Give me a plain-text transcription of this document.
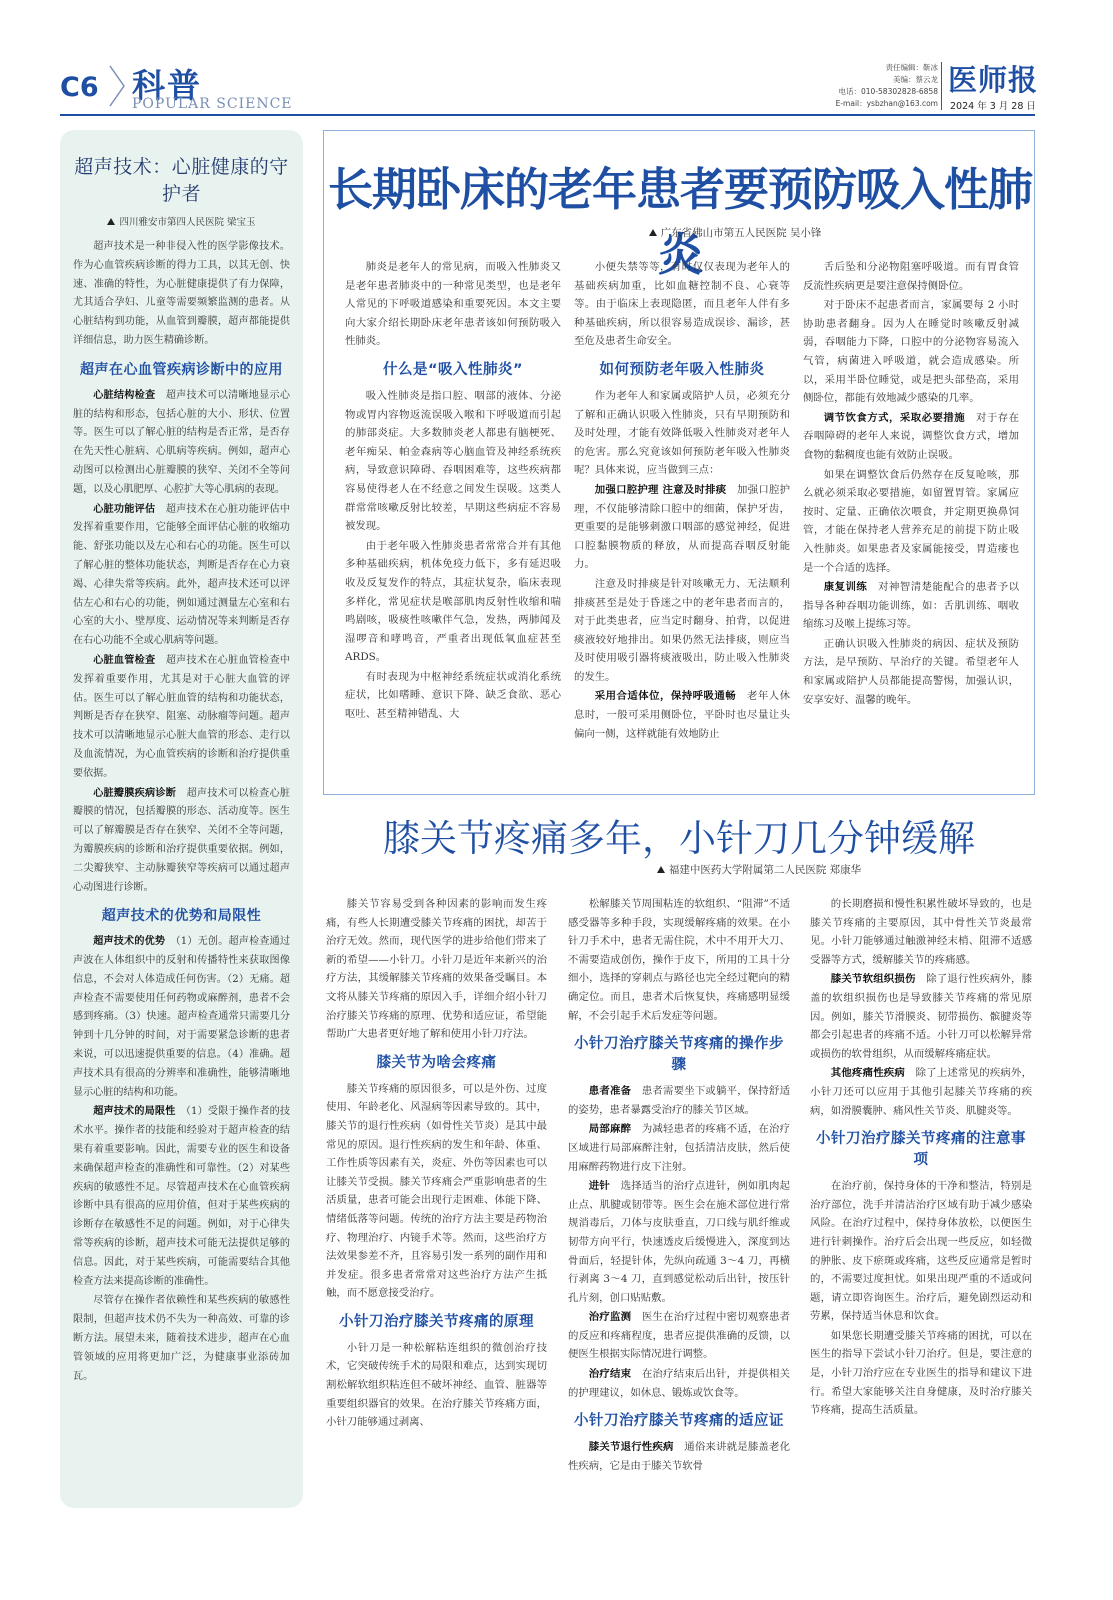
C6 科普
POPULAR SCIENCE
责任编辑：靳冰
美编：蔡云龙
电话：010-58302828-6858
E-mail：ysbzhan@163.com
医师报
2024 年 3 月 28 日
超声技术：心脏健康的守护者
四川雅安市第四人民医院 梁宝玉

超声技术是一种非侵入性的医学影像技术。作为心血管疾病诊断的得力工具，以其无创、快速、准确的特性，为心脏健康提供了有力保障，尤其适合孕妇、儿童等需要频繁监测的患者。从心脏结构到功能，从血管到瓣膜，超声都能提供详细信息，助力医生精确诊断。

超声在心血管疾病诊断中的应用

心脏结构检查　 超声技术可以清晰地显示心脏的结构和形态，包括心脏的大小、形状、位置等。医生可以了解心脏的结构是否正常，是否存在先天性心脏病、心肌病等疾病。例如，超声心动图可以检测出心脏瓣膜的狭窄、关闭不全等问题，以及心肌肥厚、心腔扩大等心肌病的表现。

心脏功能评估　 超声技术在心脏功能评估中发挥着重要作用，它能够全面评估心脏的收缩功能、舒张功能以及左心和右心的功能。医生可以了解心脏的整体功能状态，判断是否存在心力衰竭、心律失常等疾病。此外，超声技术还可以评估左心和右心的功能，例如通过测量左心室和右心室的大小、壁厚度、运动情况等来判断是否存在右心功能不全或心肌病等问题。

心脏血管检查　 超声技术在心脏血管检查中发挥着重要作用，尤其是对于心脏大血管的评估。医生可以了解心脏血管的结构和功能状态，判断是否存在狭窄、阻塞、动脉瘤等问题。超声技术可以清晰地显示心脏大血管的形态、走行以及血流情况，为心血管疾病的诊断和治疗提供重要依据。

心脏瓣膜疾病诊断　 超声技术可以检查心脏瓣膜的情况，包括瓣膜的形态、活动度等。医生可以了解瓣膜是否存在狭窄、关闭不全等问题，为瓣膜疾病的诊断和治疗提供重要依据。例如，二尖瓣狭窄、主动脉瓣狭窄等疾病可以通过超声心动图进行诊断。

超声技术的优势和局限性

超声技术的优势　 （1）无创。超声检查通过声波在人体组织中的反射和传播特性来获取图像信息，不会对人体造成任何伤害。（2）无痛。超声检查不需要使用任何药物或麻醉剂，患者不会感到疼痛。（3）快速。超声检查通常只需要几分钟到十几分钟的时间，对于需要紧急诊断的患者来说，可以迅速提供重要的信息。（4）准确。超声技术具有很高的分辨率和准确性，能够清晰地显示心脏的结构和功能。

超声技术的局限性　 （1）受限于操作者的技术水平。操作者的技能和经验对于超声检查的结果有着重要影响。因此，需要专业的医生和设备来确保超声检查的准确性和可靠性。（2）对某些疾病的敏感性不足。尽管超声技术在心血管疾病诊断中具有很高的应用价值，但对于某些疾病的诊断存在敏感性不足的问题。例如，对于心律失常等疾病的诊断，超声技术可能无法提供足够的信息。因此，对于某些疾病，可能需要结合其他检查方法来提高诊断的准确性。

尽管存在操作者依赖性和某些疾病的敏感性限制，但超声技术仍不失为一种高效、可靠的诊断方法。展望未来，随着技术进步，超声在心血管领域的应用将更加广泛，为健康事业添砖加瓦。

长期卧床的老年患者要预防吸入性肺炎
广东省佛山市第五人民医院 吴小锋

肺炎是老年人的常见病，而吸入性肺炎又是老年患者肺炎中的一种常见类型，也是老年人常见的下呼吸道感染和重要死因。本文主要向大家介绍长期卧床老年患者该如何预防吸入性肺炎。

什么是“吸入性肺炎”

吸入性肺炎是指口腔、咽部的液体、分泌物或胃内容物返流误吸入喉和下呼吸道而引起的肺部炎症。大多数肺炎老人都患有脑梗死、老年痴呆、帕金森病等心脑血管及神经系统疾病，导致意识障碍、吞咽困难等，这些疾病都容易使得老人在不经意之间发生误吸。这类人群常常咳嗽反射比较差，早期这些病症不容易被发现。

由于老年吸入性肺炎患者常常合并有其他多种基础疾病，机体免疫力低下，多有延迟吸收及反复发作的特点，其症状复杂，临床表现多样化，常见症状是喉部肌肉反射性收缩和喘鸣剧咳，吸痰性咳嗽伴气急，发热，两肺闻及湿啰音和哮鸣音，严重者出现低氧血症甚至 ARDS。

有时表现为中枢神经系统症状或消化系统症状，比如嗜睡、意识下降、缺乏食欲、恶心呕吐、甚至精神错乱、大

小便失禁等等，有时仅仅表现为老年人的基础疾病加重，比如血糖控制不良、心衰等等。由于临床上表现隐匿，而且老年人伴有多种基础疾病，所以很容易造成误诊、漏诊，甚至危及患者生命安全。

如何预防老年吸入性肺炎

作为老年人和家属或陪护人员，必须充分了解和正确认识吸入性肺炎，只有早期预防和及时处理，才能有效降低吸入性肺炎对老年人的危害。那么究竟该如何预防老年吸入性肺炎呢？具体来说，应当做到三点：

加强口腔护理 注意及时排痰　 加强口腔护理，不仅能够清除口腔中的细菌，保护牙齿，更重要的是能够刺激口咽部的感觉神经，促进口腔黏膜物质的释放，从而提高吞咽反射能力。

注意及时排痰是针对咳嗽无力、无法顺利排痰甚至是处于昏迷之中的老年患者而言的，对于此类患者，应当定时翻身、拍背，以促进痰液较好地排出。如果仍然无法排痰，则应当及时使用吸引器将痰液吸出，防止吸入性肺炎的发生。

采用合适体位，保持呼吸通畅　 老年人休息时，一般可采用侧卧位，平卧时也尽量让头偏向一侧，这样就能有效地防止

舌后坠和分泌物阻塞呼吸道。而有胃食管反流性疾病更是要注意保持侧卧位。

对于卧床不起患者而言，家属要每 2 小时协助患者翻身。因为人在睡觉时咳嗽反射减弱，吞咽能力下降，口腔中的分泌物容易流入气管，病菌进入呼吸道，就会造成感染。所以，采用半卧位睡觉，或是把头部垫高，采用侧卧位，都能有效地减少感染的几率。

调节饮食方式，采取必要措施　 对于存在吞咽障碍的老年人来说，调整饮食方式，增加食物的黏稠度也能有效防止误吸。

如果在调整饮食后仍然存在反复呛咳，那么就必须采取必要措施，如留置胃管。家属应按时、定量、正确依次喂食，并定期更换鼻饲管，才能在保持老人营养充足的前提下防止吸入性肺炎。如果患者及家属能接受，胃造瘘也是一个合适的选择。

康复训练　 对神智清楚能配合的患者予以指导各种吞咽功能训练，如：舌肌训练、咽收缩练习及喉上提练习等。

正确认识吸入性肺炎的病因、症状及预防方法，是早预防、早治疗的关键。希望老年人和家属或陪护人员都能提高警惕，加强认识，安享安好、温馨的晚年。

膝关节疼痛多年，小针刀几分钟缓解
福建中医药大学附属第二人民医院 郑康华

膝关节容易受到各种因素的影响而发生疼痛，有些人长期遭受膝关节疼痛的困扰，却苦于治疗无效。然而，现代医学的进步给他们带来了新的希望——小针刀。小针刀是近年来新兴的治疗方法，其缓解膝关节疼痛的效果备受瞩目。本文将从膝关节疼痛的原因入手，详细介绍小针刀治疗膝关节疼痛的原理、优势和适应证，希望能帮助广大患者更好地了解和使用小针刀疗法。

膝关节为啥会疼痛

膝关节疼痛的原因很多，可以是外伤、过度使用、年龄老化、风湿病等因素导致的。其中，膝关节的退行性疾病（如骨性关节炎）是其中最常见的原因。退行性疾病的发生和年龄、体重、工作性质等因素有关，炎症、外伤等因素也可以让膝关节受损。膝关节疼痛会严重影响患者的生活质量，患者可能会出现行走困难、体能下降、情绪低落等问题。传统的治疗方法主要是药物治疗、物理治疗、内镜手术等。然而，这些治疗方法效果参差不齐，且容易引发一系列的副作用和并发症。很多患者常常对这些治疗方法产生抵触，而不愿意接受治疗。

小针刀治疗膝关节疼痛的原理

小针刀是一种松解粘连组织的微创治疗技术，它突破传统手术的局限和难点，达到实现切割松解软组织粘连但不破坏神经、血管、脏器等重要组织器官的效果。在治疗膝关节疼痛方面，小针刀能够通过剥离、

松解膝关节周围粘连的软组织、“阻滞”不适感受器等多种手段，实现缓解疼痛的效果。在小针刀手术中，患者无需住院，术中不用开大刀、不需要造成创伤，操作于皮下，所用的工具十分细小，选择的穿刺点与路径也完全经过靶向的精确定位。而且，患者术后恢复快，疼痛感明显缓解，不会引起手术后发症等问题。

小针刀治疗膝关节疼痛的操作步骤

患者准备　 患者需要坐下或躺平，保持舒适的姿势，患者暴露受治疗的膝关节区域。

局部麻醉　 为减轻患者的疼痛不适，在治疗区域进行局部麻醉注射，包括清洁皮肤，然后使用麻醉药物进行皮下注射。

进针　 选择适当的治疗点进针，例如肌肉起止点、肌腱或韧带等。医生会在施术部位进行常规消毒后，刀体与皮肤垂直，刀口线与肌纤维或韧带方向平行，快速透皮后缓慢进入，深度到达骨面后，轻提针体，先纵向疏通 3～4 刀，再横行剥离 3～4 刀，直到感觉松动后出针，按压针孔片刻，创口贴贴敷。

治疗监测　 医生在治疗过程中密切观察患者的反应和疼痛程度，患者应提供准确的反馈，以便医生根据实际情况进行调整。

治疗结束　 在治疗结束后出针，并提供相关的护理建议，如休息、锻炼或饮食等。

小针刀治疗膝关节疼痛的适应证

膝关节退行性疾病　 通俗来讲就是膝盖老化性疾病，它是由于膝关节软骨

的长期磨损和慢性积累性破坏导致的，也是膝关节疼痛的主要原因，其中骨性关节炎最常见。小针刀能够通过触激神经末梢、阻滞不适感受器等方式，缓解膝关节的疼痛感。

膝关节软组织损伤　 除了退行性疾病外，膝盖的软组织损伤也是导致膝关节疼痛的常见原因。例如，膝关节滑膜炎、韧带损伤、髌腱炎等都会引起患者的疼痛不适。小针刀可以松解异常或损伤的软骨组织，从而缓解疼痛症状。

其他疼痛性疾病　 除了上述常见的疾病外，小针刀还可以应用于其他引起膝关节疼痛的疾病，如滑膜囊肿、痛风性关节炎、肌腱炎等。

小针刀治疗膝关节疼痛的注意事项

在治疗前，保持身体的干净和整洁，特别是治疗部位，洗手并清洁治疗区域有助于减少感染风险。在治疗过程中，保持身体放松，以便医生进行针刺操作。治疗后会出现一些反应，如轻微的肿胀、皮下瘀斑或疼痛，这些反应通常是暂时的，不需要过度担忧。如果出现严重的不适或问题，请立即咨询医生。治疗后，避免剧烈运动和劳累，保持适当休息和饮食。

如果您长期遭受膝关节疼痛的困扰，可以在医生的指导下尝试小针刀治疗。但是，要注意的是，小针刀治疗应在专业医生的指导和建议下进行。希望大家能够关注自身健康，及时治疗膝关节疼痛，提高生活质量。
